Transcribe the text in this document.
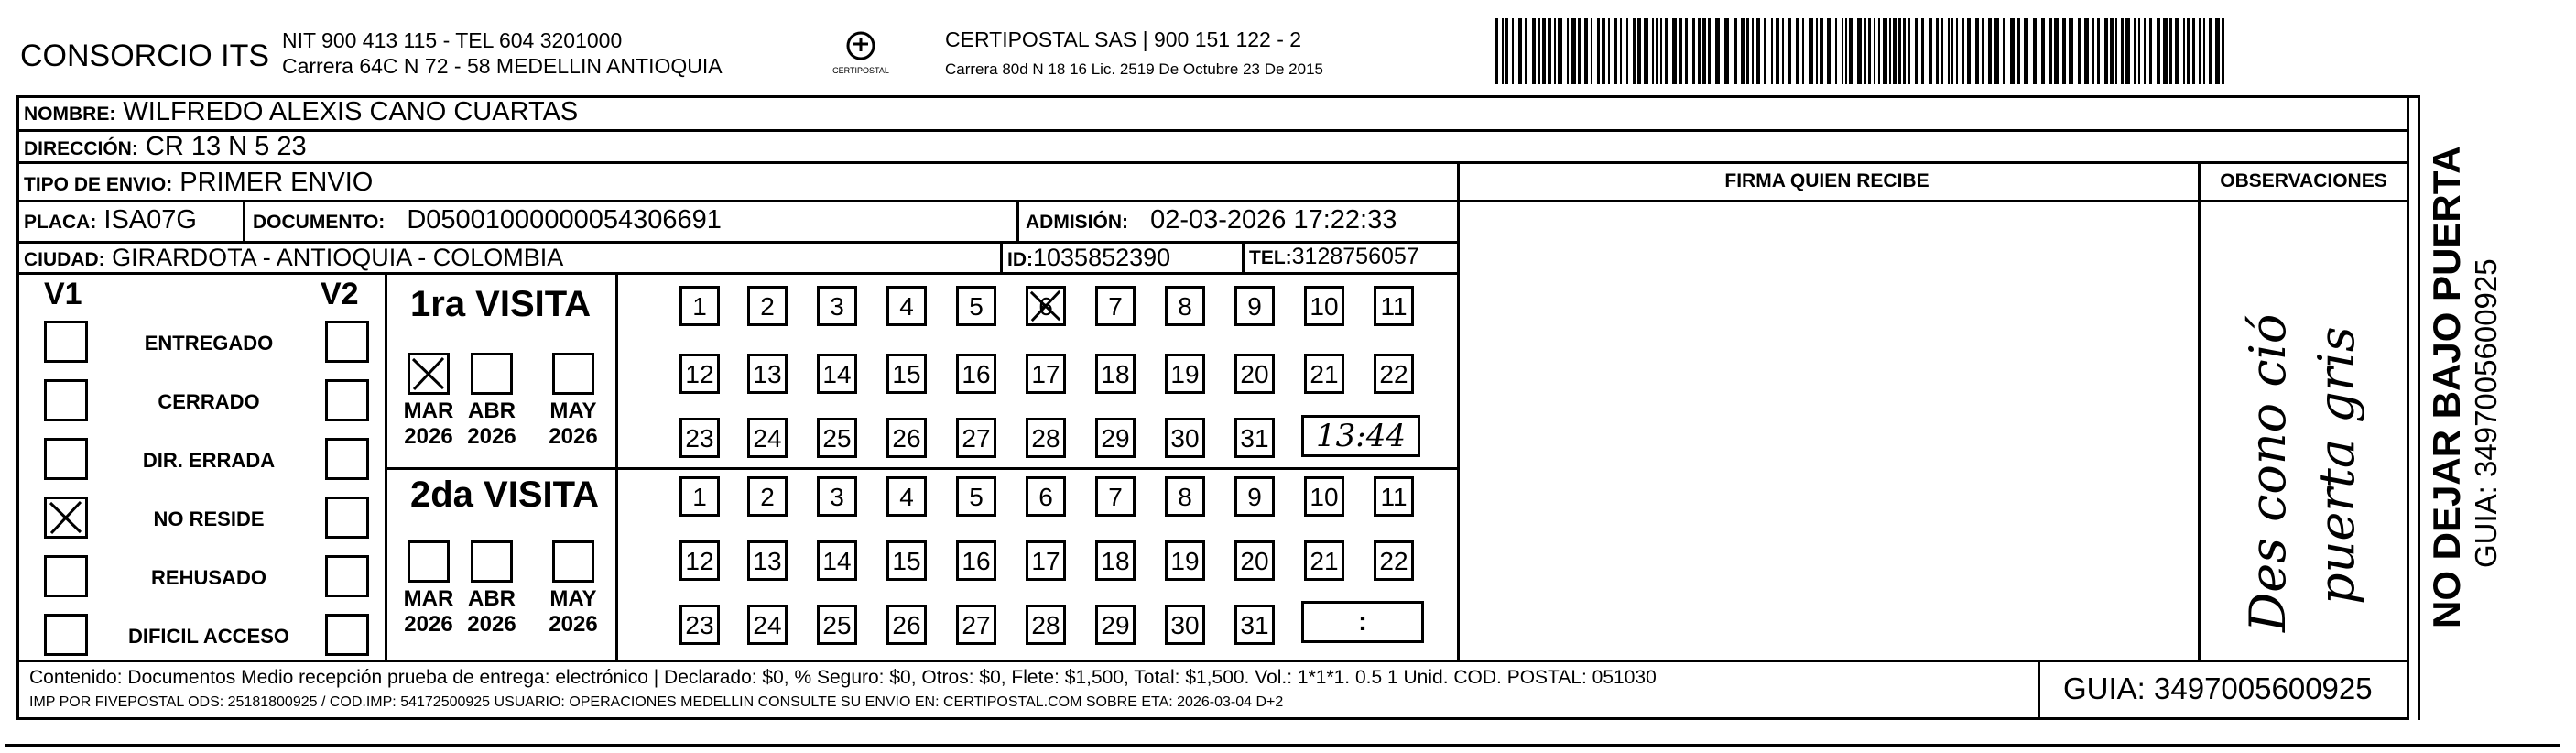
CONSORCIO ITS NIT 900 413 115 - TEL 604 3201000
Carrera 64C N 72 - 58 MEDELLIN ANTIOQUIA	CERTIPOSTAL
CERTIPOSTAL SAS | 900 151 122 - 2
Carrera 80d N 18 16 Lic. 2519 De Octubre 23 De 2015
NOMBRE: WILFREDO ALEXIS CANO CUARTAS
DIRECCIÓN: CR 13 N 5 23
TIPO DE ENVIO: PRIMER ENVIO	FIRMA QUIEN RECIBE	OBSERVACIONES
PLACA: ISA07G	DOCUMENTO: D05001000000054306691	ADMISIÓN: 02-03-2026 17:22:33
CIUDAD: GIRARDOTA - ANTIOQUIA - COLOMBIA	ID:1035852390	TEL:3128756057
V1	V2
ENTREGADO
CERRADO
DIR. ERRADA
NO RESIDE
REHUSADO
DIFICIL ACCESO
1ra VISITA
MAR
2026
ABR
2026
MAY
2026
1	2	3	4	5	6	7	8	9	10 11
12 13 14 15 16 17 18 19 20 21 22
23 24 25 26 27 28 29 30 31	13:44
2da VISITA
MAR
2026
ABR
2026
MAY
2026
1	2	3	4	5	6	7	8	9	10 11
12 13 14 15 16 17 18 19 20 21 22
23 24 25 26 27 28 29 30 31	:	Des cono ció puerta gris NO DEJAR BAJO PUERTA GUIA: 3497005600925
Contenido: Documentos Medio recepción prueba de entrega: electrónico | Declarado: $0, % Seguro: $0, Otros: $0, Flete: $1,500, Total: $1,500. Vol.: 1*1*1. 0.5 1 Unid. COD. POSTAL: 051030
IMP POR FIVEPOSTAL ODS: 25181800925 / COD.IMP: 54172500925 USUARIO: OPERACIONES MEDELLIN CONSULTE SU ENVIO EN: CERTIPOSTAL.COM SOBRE ETA: 2026-03-04 D+2	GUIA: 3497005600925
